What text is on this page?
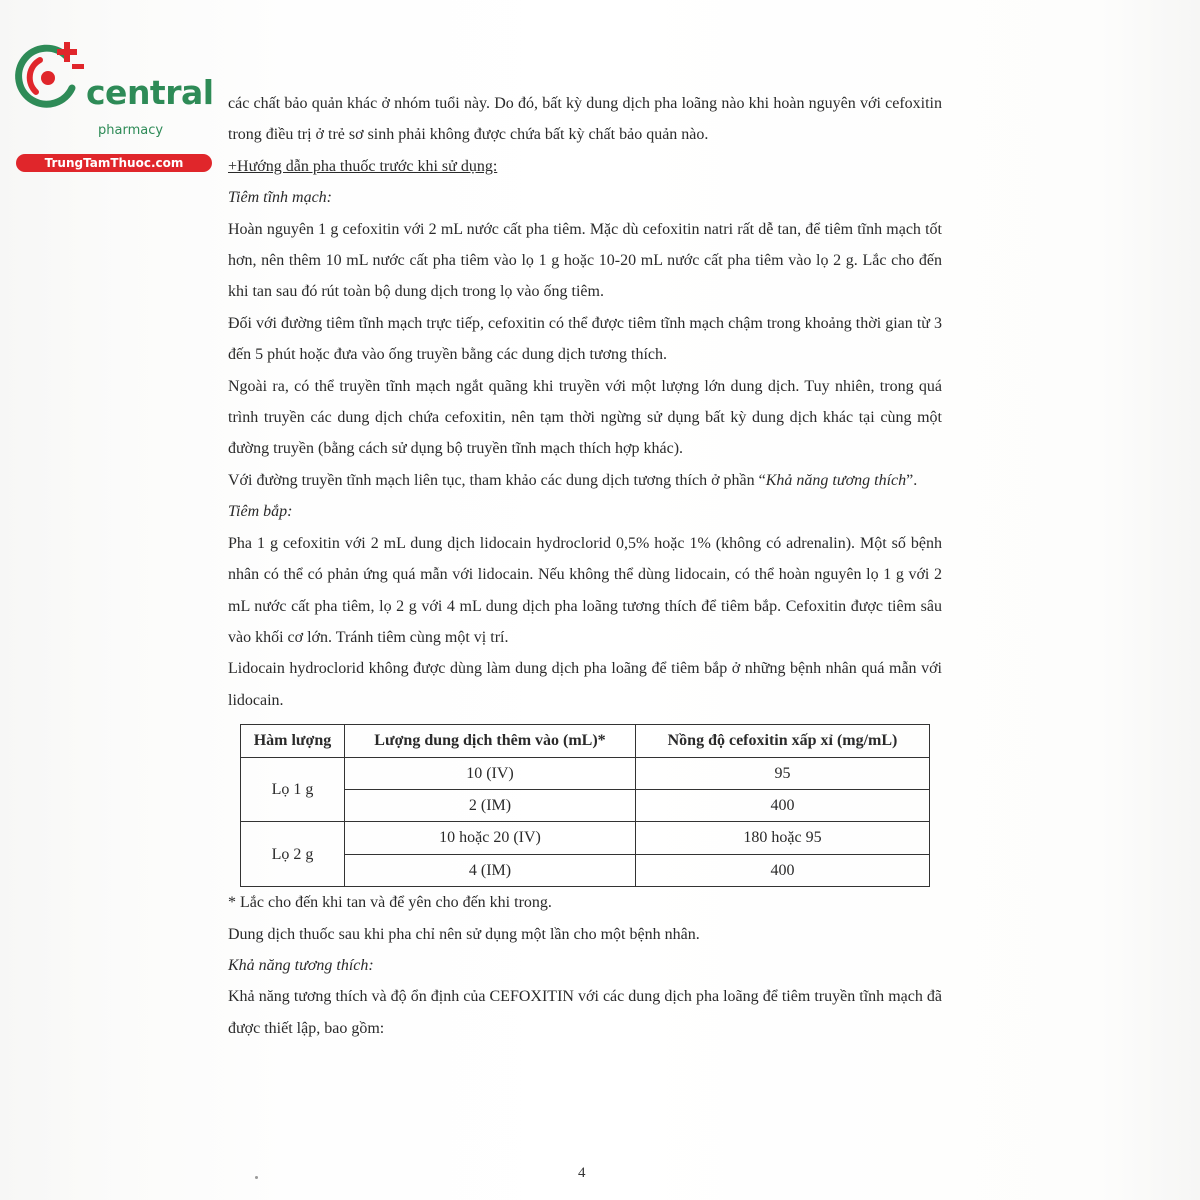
central
pharmacy
TrungTamThuoc.com

các chất bảo quản khác ở nhóm tuổi này. Do đó, bất kỳ dung dịch pha loãng nào khi hoàn nguyên với cefoxitin trong điều trị ở trẻ sơ sinh phải không được chứa bất kỳ chất bảo quản nào.

+Hướng dẫn pha thuốc trước khi sử dụng:

Tiêm tĩnh mạch:

Hoàn nguyên 1 g cefoxitin với 2 mL nước cất pha tiêm. Mặc dù cefoxitin natri rất dễ tan, để tiêm tĩnh mạch tốt hơn, nên thêm 10 mL nước cất pha tiêm vào lọ 1 g hoặc 10-20 mL nước cất pha tiêm vào lọ 2 g. Lắc cho đến khi tan sau đó rút toàn bộ dung dịch trong lọ vào ống tiêm.

Đối với đường tiêm tĩnh mạch trực tiếp, cefoxitin có thể được tiêm tĩnh mạch chậm trong khoảng thời gian từ 3 đến 5 phút hoặc đưa vào ống truyền bằng các dung dịch tương thích.

Ngoài ra, có thể truyền tĩnh mạch ngắt quãng khi truyền với một lượng lớn dung dịch. Tuy nhiên, trong quá trình truyền các dung dịch chứa cefoxitin, nên tạm thời ngừng sử dụng bất kỳ dung dịch khác tại cùng một đường truyền (bằng cách sử dụng bộ truyền tĩnh mạch thích hợp khác).

Với đường truyền tĩnh mạch liên tục, tham khảo các dung dịch tương thích ở phần “Khả năng tương thích”.

Tiêm bắp:

Pha 1 g cefoxitin với 2 mL dung dịch lidocain hydroclorid 0,5% hoặc 1% (không có adrenalin). Một số bệnh nhân có thể có phản ứng quá mẫn với lidocain. Nếu không thể dùng lidocain, có thể hoàn nguyên lọ 1 g với 2 mL nước cất pha tiêm, lọ 2 g với 4 mL dung dịch pha loãng tương thích để tiêm bắp. Cefoxitin được tiêm sâu vào khối cơ lớn. Tránh tiêm cùng một vị trí.

Lidocain hydroclorid không được dùng làm dung dịch pha loãng để tiêm bắp ở những bệnh nhân quá mẫn với lidocain.

Hàm lượng	Lượng dung dịch thêm vào (mL)*	Nồng độ cefoxitin xấp xỉ (mg/mL)
Lọ 1 g	10 (IV)	95
	2 (IM)	400
Lọ 2 g	10 hoặc 20 (IV)	180 hoặc 95
	4 (IM)	400

* Lắc cho đến khi tan và để yên cho đến khi trong.

Dung dịch thuốc sau khi pha chỉ nên sử dụng một lần cho một bệnh nhân.

Khả năng tương thích:

Khả năng tương thích và độ ổn định của CEFOXITIN với các dung dịch pha loãng để tiêm truyền tĩnh mạch đã được thiết lập, bao gồm:

4
